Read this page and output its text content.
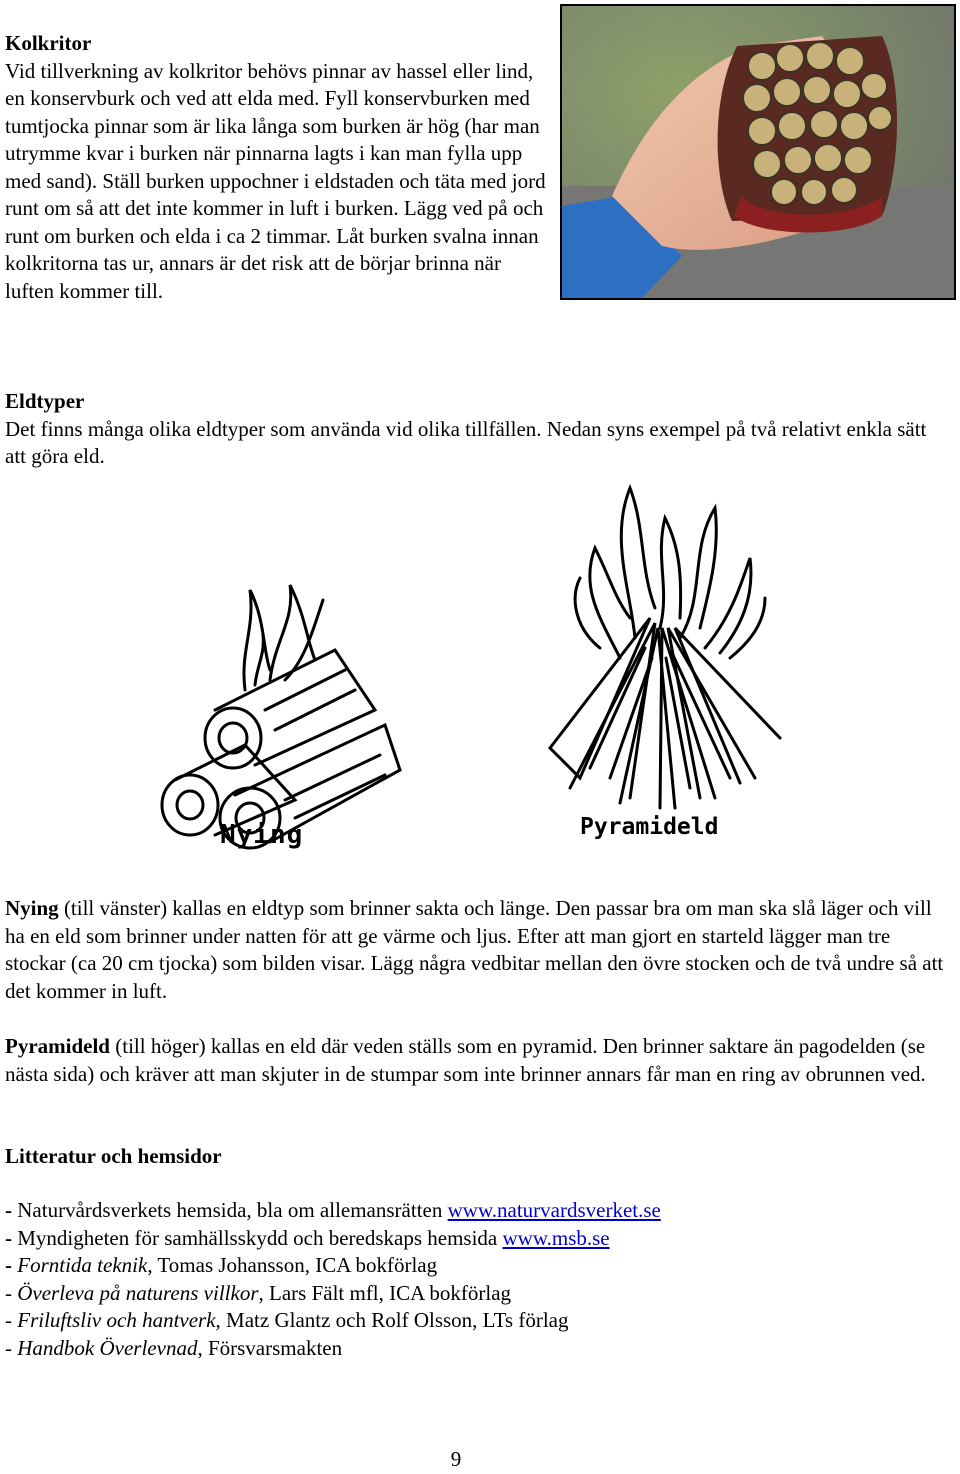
Kolkritor

Vid tillverkning av kolkritor behövs pinnar av hassel eller lind, en konservburk och ved att elda med. Fyll konservburken med tumtjocka pinnar som är lika långa som burken är hög (har man utrymme kvar i burken när pinnarna lagts i kan man fylla upp med sand). Ställ burken uppochner i eldstaden och täta med jord runt om så att det inte kommer in luft i burken. Lägg ved på och runt om burken och elda i ca 2 timmar. Låt burken svalna innan kolkritorna tas ur, annars är det risk att de börjar brinna när luften kommer till.

Eldtyper

Det finns många olika eldtyper som använda vid olika tillfällen. Nedan syns exempel på två relativt enkla sätt att göra eld.

Nying	Pyramideld

Nying (till vänster) kallas en eldtyp som brinner sakta och länge. Den passar bra om man ska slå läger och vill ha en eld som brinner under natten för att ge värme och ljus. Efter att man gjort en starteld lägger man tre stockar (ca 20 cm tjocka) som bilden visar. Lägg några vedbitar mellan den övre stocken och de två undre så att det kommer in luft.

Pyramideld (till höger) kallas en eld där veden ställs som en pyramid. Den brinner saktare än pagodelden (se nästa sida) och kräver att man skjuter in de stumpar som inte brinner annars får man en ring av obrunnen ved.

Litteratur och hemsidor
- Naturvårdsverkets hemsida, bla om allemansrätten www.naturvardsverket.se
- Myndigheten för samhällsskydd och beredskaps hemsida www.msb.se
- Forntida teknik, Tomas Johansson, ICA bokförlag
- Överleva på naturens villkor, Lars Fält mfl, ICA bokförlag
- Friluftsliv och hantverk, Matz Glantz och Rolf Olsson, LTs förlag
- Handbok Överlevnad, Försvarsmakten
9
